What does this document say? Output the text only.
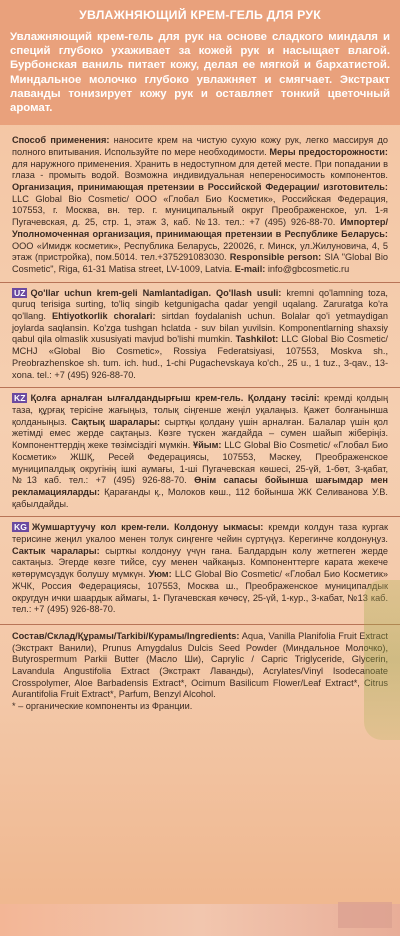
УВЛАЖНЯЮЩИЙ КРЕМ-ГЕЛЬ ДЛЯ РУК

Увлажняющий крем-гель для рук на основе сладкого миндаля и специй глубоко ухаживает за кожей рук и насыщает влагой. Бурбонская ваниль питает кожу, делая ее мягкой и бархатистой. Миндальное молочко глубоко увлажняет и смягчает. Экстракт лаванды тонизирует кожу рук и оставляет тонкий цветочный аромат.

Способ применения: наносите крем на чистую сухую кожу рук, легко массируя до полного впитывания. Используйте по мере необходимости. Меры предосторожности: для наружного применения. Хранить в недоступном для детей месте. При попадании в глаза - промыть водой. Возможна индивидуальная непереносимость компонентов. Организация, принимающая претензии в Российской Федерации/ изготовитель: LLC Global Bio Cosmetic/ ООО «Глобал Био Косметик», Российская Федерация, 107553, г. Москва, вн. тер. г. муниципальный округ Преображенское, ул. 1-я Пугачевская, д. 25, стр. 1, этаж 3, каб. №13. тел.: +7 (495) 926-88-70. Импортер/ Уполномоченная организация, принимающая претензии в Республике Беларусь: ООО «Имидж косметик», Республика Беларусь, 220026, г. Минск, ул.Жилуновича, 4, 5 этаж (пристройка), пом.5014. тел.+375291083030. Responsible person: SIA "Global Bio Cosmetic", Riga, 61-31 Matisa street, LV-1009, Latvia. E-mail: info@gbcosmetic.ru
UZ Qo'llar uchun krem-geli Namlantadigan. Qo'llash usuli: kremni qo'lamning toza, quruq terisiga surting, to'liq singib ketgunigacha qadar yengil uqalang. Zaruratga ko'ra qo'llang. Ehtiyotkorlik choralari: sirtdan foydalanish uchun. Bolalar qo'i yetmaydigan joylarda saqlansin. Ko'zga tushgan hclatda - suv bilan yuvilsin. Komponentlarning shaxsiy qabul qila olmaslik xususiyati mavjud bo'lishi mumkin. Tashkilot: LLC Global Bio Cosmetic/ MCHJ «Global Bio Cosmetic», Rossiya Federatsiyasi, 107553, Moskva sh., Preobrazhenskoe sh. tum. ich. hud., 1-chi Pugachevskaya ko'ch., 25 u., 1 tuz., 3-qav., 13-xona. tel.: +7 (495) 926-88-70.
KZ Қолға арналған ылғалдандырғыш крем-гель. Қолдану тәсілі: кремді қолдың таза, құрғақ терісіне жағыңыз, толық сіңгенше жеңіл уқалаңыз. Қажет болғанынша қолданыңыз. Сақтық шаралары: сыртқы қолдану үшін арналған. Балалар үшін қол жетімді емес жерде сақтаңыз. Көзге түскен жағдайда – сумен шайып жіберіңіз. Компоненттердің жеке төзімсіздігі мүмкін. Ұйым: LLC Global Bio Cosmetic/ «Глобал Био Косметик» ЖШҚ, Ресей Федерациясы, 107553, Мәскеу, Преображенское муниципалдық округінің ішкі аумағы, 1-ші Пугачевская көшесі, 25-үй, 1-бөт, 3-қабат, №13 каб. тел.: +7 (495) 926-88-70. Өнім сапасы бойынша шағымдар мен рекламацияларды: Қарағанды қ., Молоков көш., 112 бойынша ЖК Селиванова У.В. қабылдайды.
KG Жумшартуучу кол крем-гели. Колдонуу ыкмасы: кремди колдун таза кургак терисине жеңил укалоо менен толук сиңгенге чейин сүртүңүз. Керегинче колдонуңуз. Сактык чаралары: сырткы колдонуу үчүн гана. Балдардын колу жетпеген жерде сактаңыз. Эгерде көзге тийсе, суу менен чайкаңыз. Компоненттерге карата жекече көтөрүмсүздүк болушу мүмкүн. Уюм: LLC Global Bio Cosmetic/ «Глобал Био Косметик» ЖЧК, Россия Федерациясы, 107553, Москва ш., Преображенское муниципалдык округдун ички шаардык аймагы, 1- Пугачевская көчөсү, 25-үй, 1-кур., 3-кабат, №13 каб. тел.: +7 (495) 926-88-70.
Состав/Склад/Құрамы/Tarkibi/Курамы/Ingredients: Aqua, Vanilla Planifolia Fruit Extract (Экстракт Ванили), Prunus Amygdalus Dulcis Seed Powder (Миндальное Молочко), Butyrospermum Parkii Butter (Масло Ши), Caprylic / Capric Triglyceride, Glycerin, Lavandula Angustifolia Extract (Экстракт Лаванды), Acrylates/Vinyl Isodecanoate Crosspolymer, Aloe Barbadensis Extract*, Ocimum Basilicum Flower/Leaf Extract*, Citrus Aurantifolia Fruit Extract*, Parfum, Benzyl Alcohol.
* – органические компоненты из Франции.
